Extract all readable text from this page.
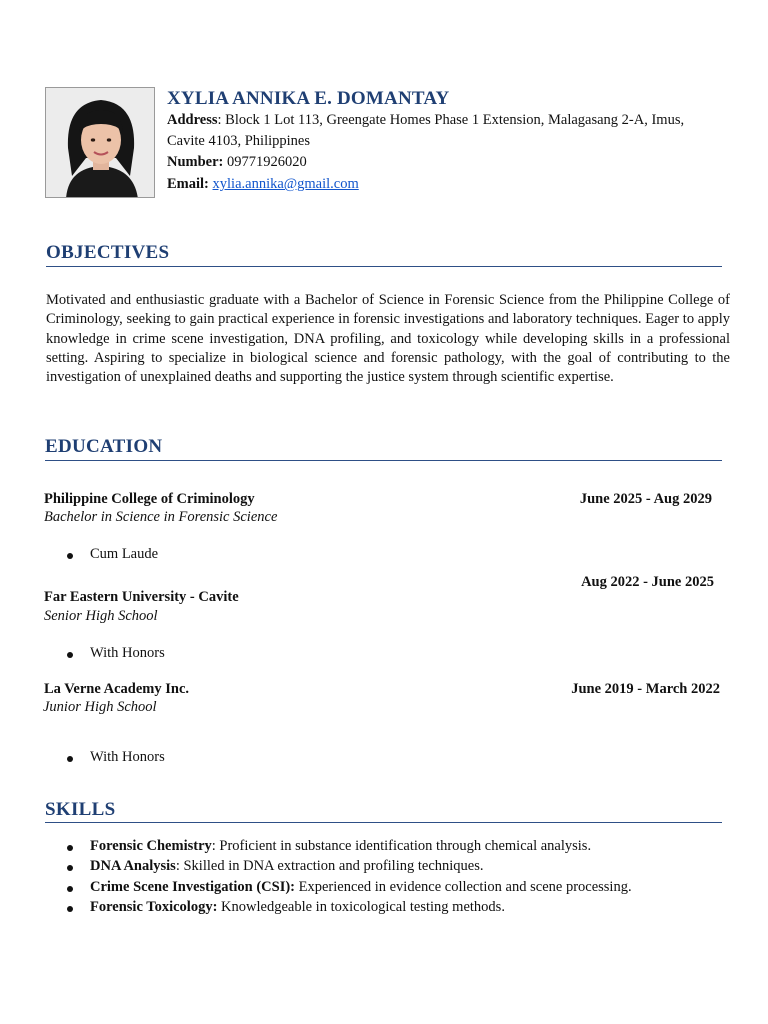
XYLIA ANNIKA E. DOMANTAY
Address: Block 1 Lot 113, Greengate Homes Phase 1 Extension, Malagasang 2-A, Imus,
Cavite 4103, Philippines
Number: 09771926020
Email: xylia.annika@gmail.com
OBJECTIVES
Motivated and enthusiastic graduate with a Bachelor of Science in Forensic Science from the Philippine College of Criminology, seeking to gain practical experience in forensic investigations and laboratory techniques. Eager to apply knowledge in crime scene investigation, DNA profiling, and toxicology while developing skills in a professional setting. Aspiring to specialize in biological science and forensic pathology, with the goal of contributing to the investigation of unexplained deaths and supporting the justice system through scientific expertise.
EDUCATION
Philippine College of Criminology	June 2025 - Aug 2029
Bachelor in Science in Forensic Science
Cum Laude
Aug 2022 - June 2025
Far Eastern University - Cavite
Senior High School
With Honors
La Verne Academy Inc.	June 2019 - March 2022
Junior High School
With Honors
SKILLS
Forensic Chemistry: Proficient in substance identification through chemical analysis.
DNA Analysis: Skilled in DNA extraction and profiling techniques.
Crime Scene Investigation (CSI): Experienced in evidence collection and scene processing.
Forensic Toxicology: Knowledgeable in toxicological testing methods.
